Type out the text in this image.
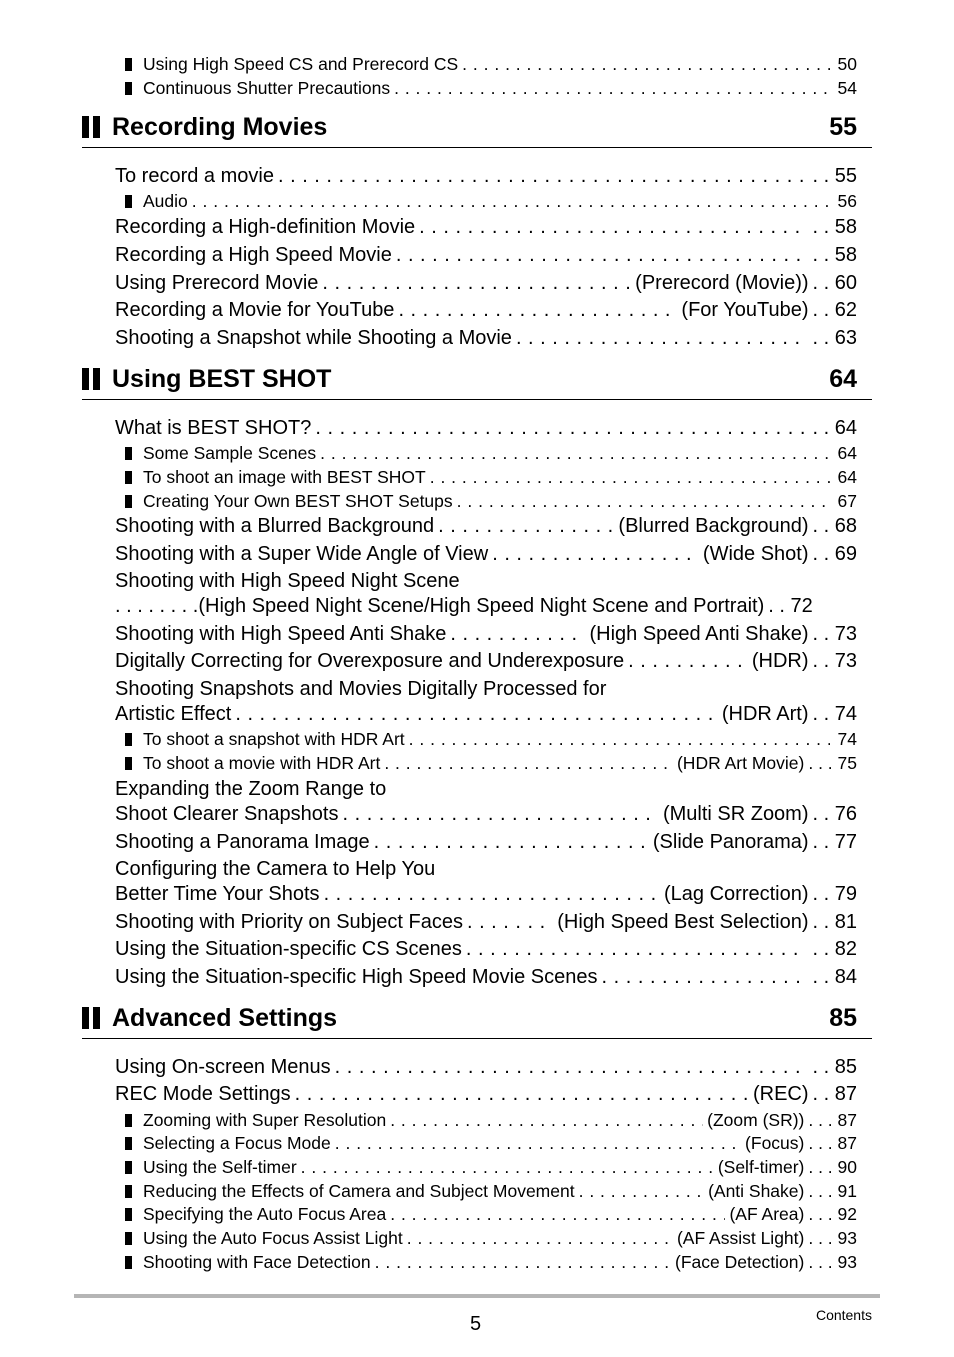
Using High Speed CS and Prerecord CS . . .	50
Continuous Shutter Precautions . . .	54
Recording Movies	55
To record a movie . . .	. . 55
Audio . . .	56
Recording a High-definition Movie . . .	. . 58
Recording a High Speed Movie . . .	. . 58
Using Prerecord Movie . . .	(Prerecord (Movie)) . . 60
Recording a Movie for YouTube . . .	(For YouTube) . . 62
Shooting a Snapshot while Shooting a Movie . . .	. . 63
Using BEST SHOT	64
What is BEST SHOT? . . .	. . 64
Some Sample Scenes . . .	64
To shoot an image with BEST SHOT . . .	64
Creating Your Own BEST SHOT Setups . . .	67
Shooting with a Blurred Background . . .	(Blurred Background) . . 68
Shooting with a Super Wide Angle of View . . .	(Wide Shot) . . 69
Shooting with High Speed Night Scene
. . . . . . . . (High Speed Night Scene/High Speed Night Scene and Portrait) . . 72
Shooting with High Speed Anti Shake . . .	(High Speed Anti Shake) . . 73
Digitally Correcting for Overexposure and Underexposure . . .	(HDR) . . 73
Shooting Snapshots and Movies Digitally Processed for
Artistic Effect . . .	(HDR Art) . . 74
To shoot a snapshot with HDR Art . . .	74
To shoot a movie with HDR Art . . .	(HDR Art Movie) . . . 75
Expanding the Zoom Range to
Shoot Clearer Snapshots . . .	(Multi SR Zoom) . . 76
Shooting a Panorama Image . . .	(Slide Panorama) . . 77
Configuring the Camera to Help You
Better Time Your Shots . . .	(Lag Correction) . . 79
Shooting with Priority on Subject Faces . . .	(High Speed Best Selection) . . 81
Using the Situation-specific CS Scenes . . .	. . 82
Using the Situation-specific High Speed Movie Scenes . . .	. . 84
Advanced Settings	85
Using On-screen Menus . . .	. . 85
REC Mode Settings . . .	(REC) . . 87
Zooming with Super Resolution . . .	(Zoom (SR)) . . . 87
Selecting a Focus Mode . . .	(Focus) . . . 87
Using the Self-timer . . .	(Self-timer) . . . 90
Reducing the Effects of Camera and Subject Movement . . .	(Anti Shake) . . . 91
Specifying the Auto Focus Area . . .	(AF Area) . . . 92
Using the Auto Focus Assist Light . . .	(AF Assist Light) . . . 93
Shooting with Face Detection . . .	(Face Detection) . . . 93
5	Contents
